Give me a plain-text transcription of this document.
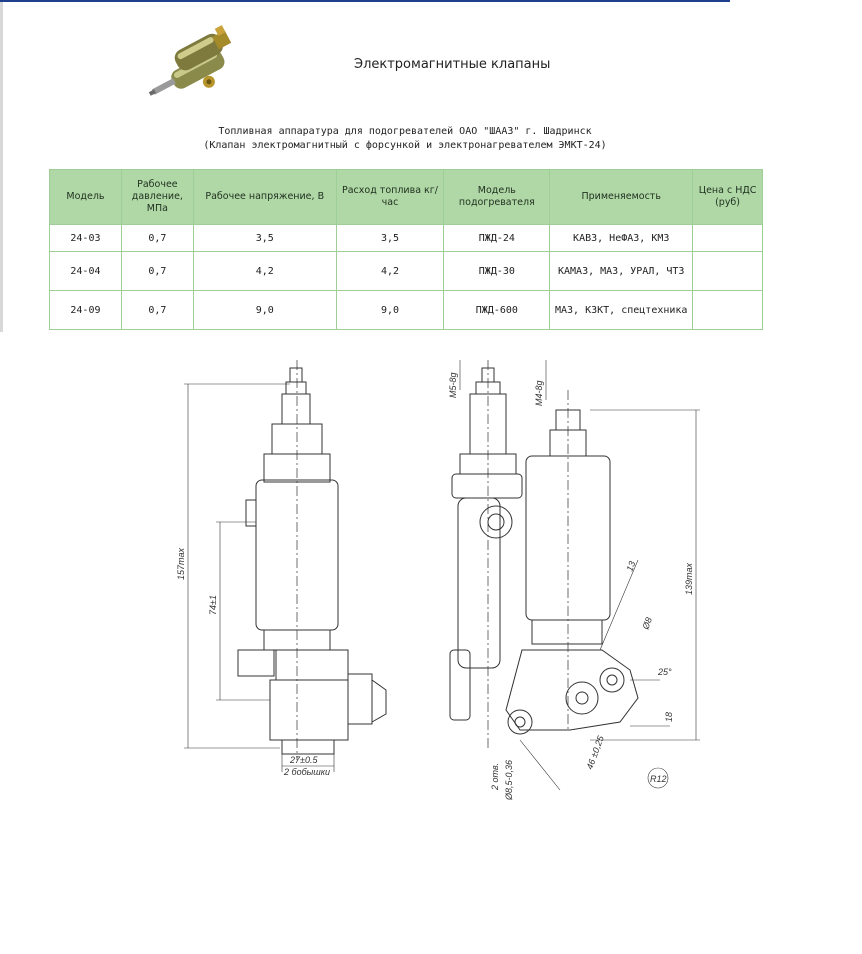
Электромагнитные клапаны
Топливная аппаратура для подогревателей ОАО "ШААЗ" г. Шадринск
(Клапан электромагнитный с форсункой и электронагревателем ЭМКТ-24)
Модель	Рабочее давление, МПа	Рабочее напряжение, В	Расход топлива кг/час	Модель подогревателя	Применяемость	Цена с НДС (руб)
24-03	0,7	3,5	3,5	ПЖД-24	КАВЗ, НеФАЗ, КМЗ	
24-04	0,7	4,2	4,2	ПЖД-30	КАМАЗ, МАЗ, УРАЛ, ЧТЗ	
24-09	0,7	9,0	9,0	ПЖД-600	МАЗ, КЗКТ, спецтехника	
157max
74±1
27±0.5
2 бобышки
M5-8g	M4-8g
139max
Ø8
13
25°
18
Ø8,5-0,36
2 отв.
46 ±0,25
R12
